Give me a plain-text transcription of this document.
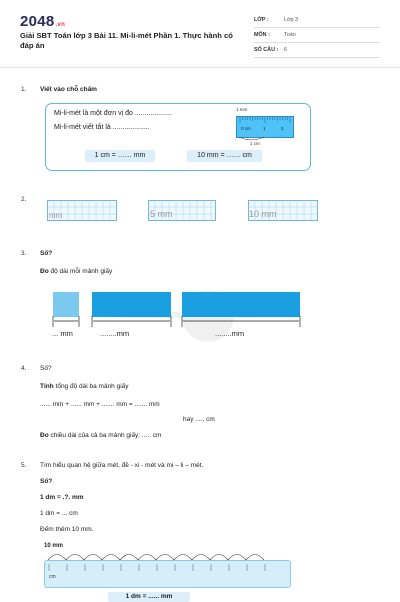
2048.vn
Giải SBT Toán lớp 3 Bài 11. Mi-li-mét Phần 1. Thực hành có đáp án
LỚP :	Lớp 3
MÔN :	Toán
SỐ CÂU : 6
1. Viết vào chỗ chấm
Mi-li-mét là một đơn vị đo ...................
Mi-li-mét viết tắt là ...................
1 mm
0 cm	1	2
1 cm
1 cm = …… mm	10 mm = …… cm
2.
mm	5 mm	10 mm
3. Số?
Đo độ dài mỗi mảnh giấy
... mm	........mm	........mm
4. Số?
Tính tổng độ dài ba mảnh giấy
...... mm + ...... mm + ....... mm = ....... mm
hay ..... cm
Đo chiều dài của cả ba mảnh giấy: ..... cm
5. Tìm hiểu quan hệ giữa mét, đề - xi - mét và mi – li – mét.
Số?
1 dm = .?. mm
1 dm = ... cm
Đếm thêm 10 mm.
10 mm
cm
1 dm = ...... mm
